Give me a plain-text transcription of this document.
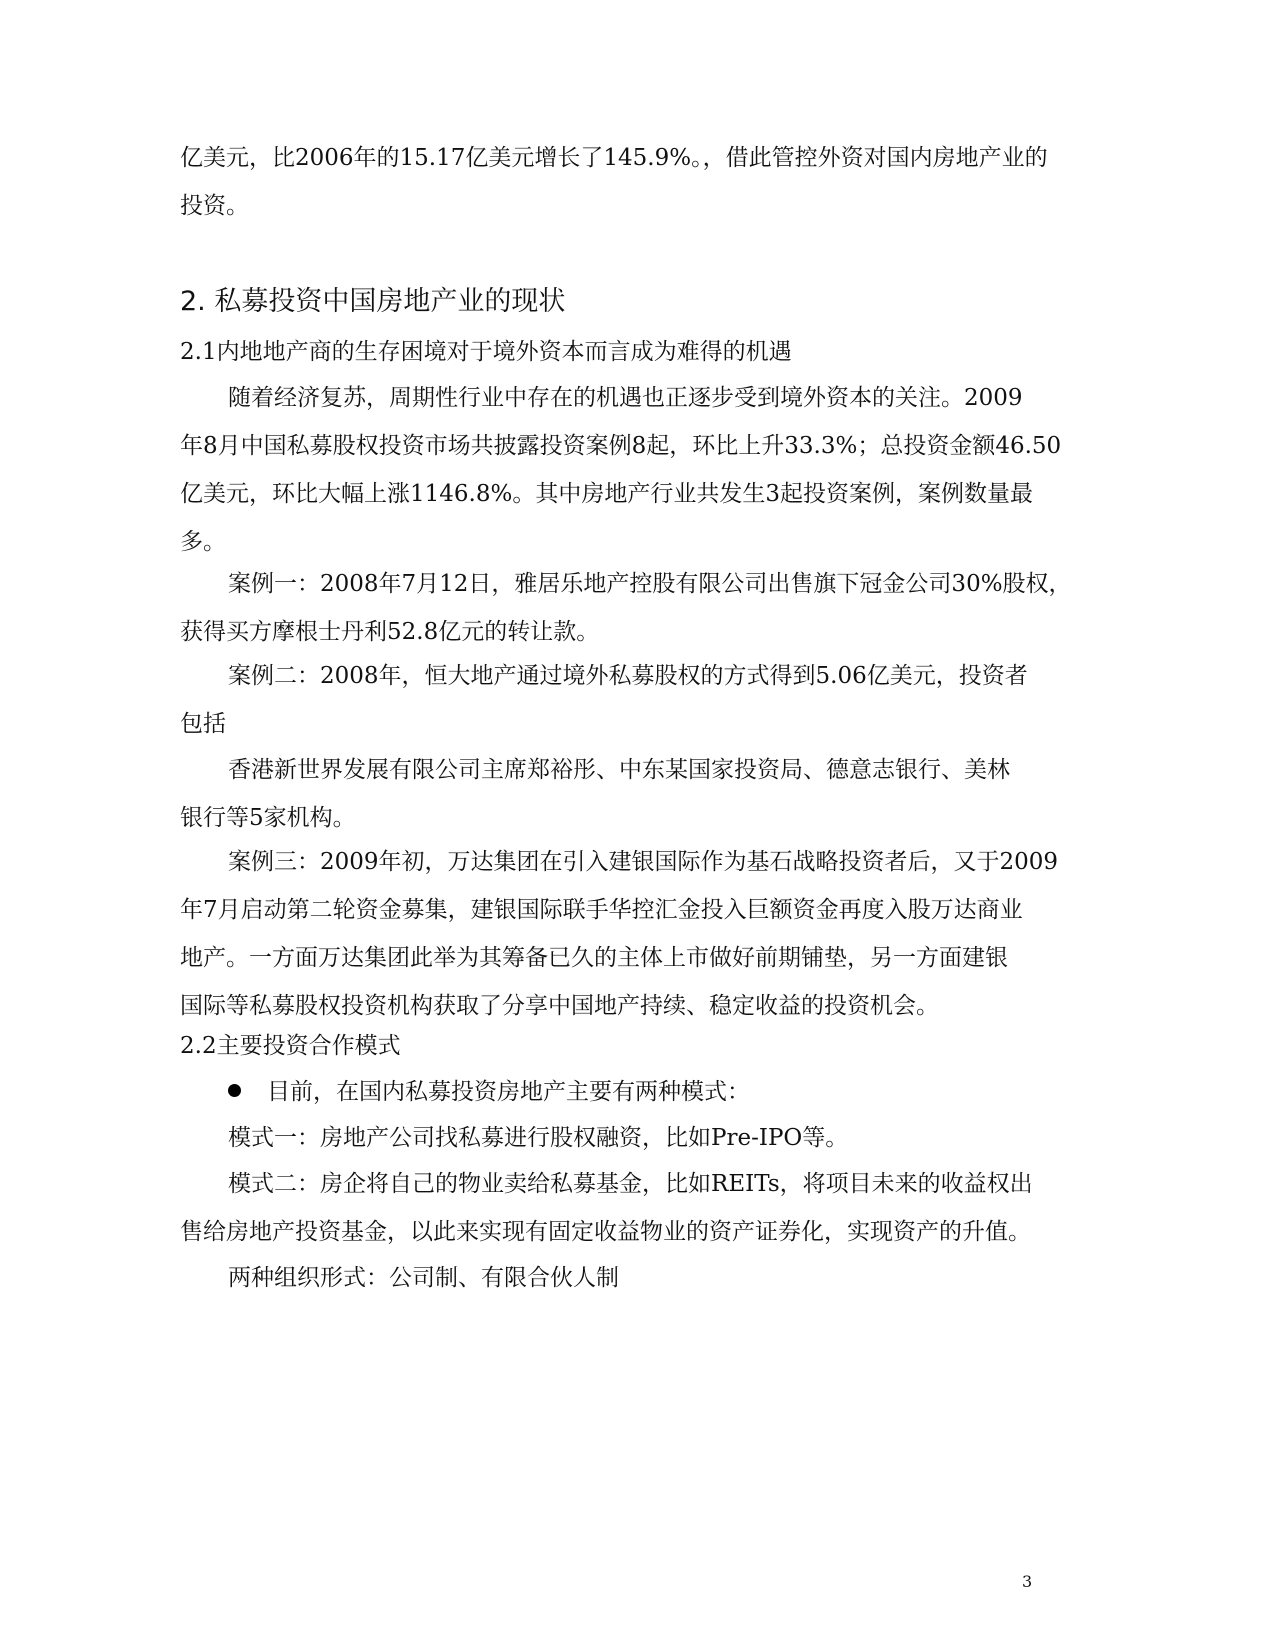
亿美元，比2006年的15.17亿美元增长了145.9%。，借此管控外资对国内房地产业的
投资。
2. 私募投资中国房地产业的现状
2.1内地地产商的生存困境对于境外资本而言成为难得的机遇
随着经济复苏，周期性行业中存在的机遇也正逐步受到境外资本的关注。2009
年8月中国私募股权投资市场共披露投资案例8起，环比上升33.3%；总投资金额46.50
亿美元，环比大幅上涨1146.8%。其中房地产行业共发生3起投资案例，案例数量最
多。
案例一：2008年7月12日，雅居乐地产控股有限公司出售旗下冠金公司30%股权，
获得买方摩根士丹利52.8亿元的转让款。
案例二：2008年，恒大地产通过境外私募股权的方式得到5.06亿美元，投资者
包括
香港新世界发展有限公司主席郑裕彤、中东某国家投资局、德意志银行、美林
银行等5家机构。
案例三：2009年初，万达集团在引入建银国际作为基石战略投资者后，又于2009
年7月启动第二轮资金募集，建银国际联手华控汇金投入巨额资金再度入股万达商业
地产。一方面万达集团此举为其筹备已久的主体上市做好前期铺垫，另一方面建银
国际等私募股权投资机构获取了分享中国地产持续、稳定收益的投资机会。
2.2主要投资合作模式
目前，在国内私募投资房地产主要有两种模式：
模式一：房地产公司找私募进行股权融资，比如Pre-IPO等。
模式二：房企将自己的物业卖给私募基金，比如REITs，将项目未来的收益权出
售给房地产投资基金，以此来实现有固定收益物业的资产证券化，实现资产的升值。
两种组织形式：公司制、有限合伙人制
3
